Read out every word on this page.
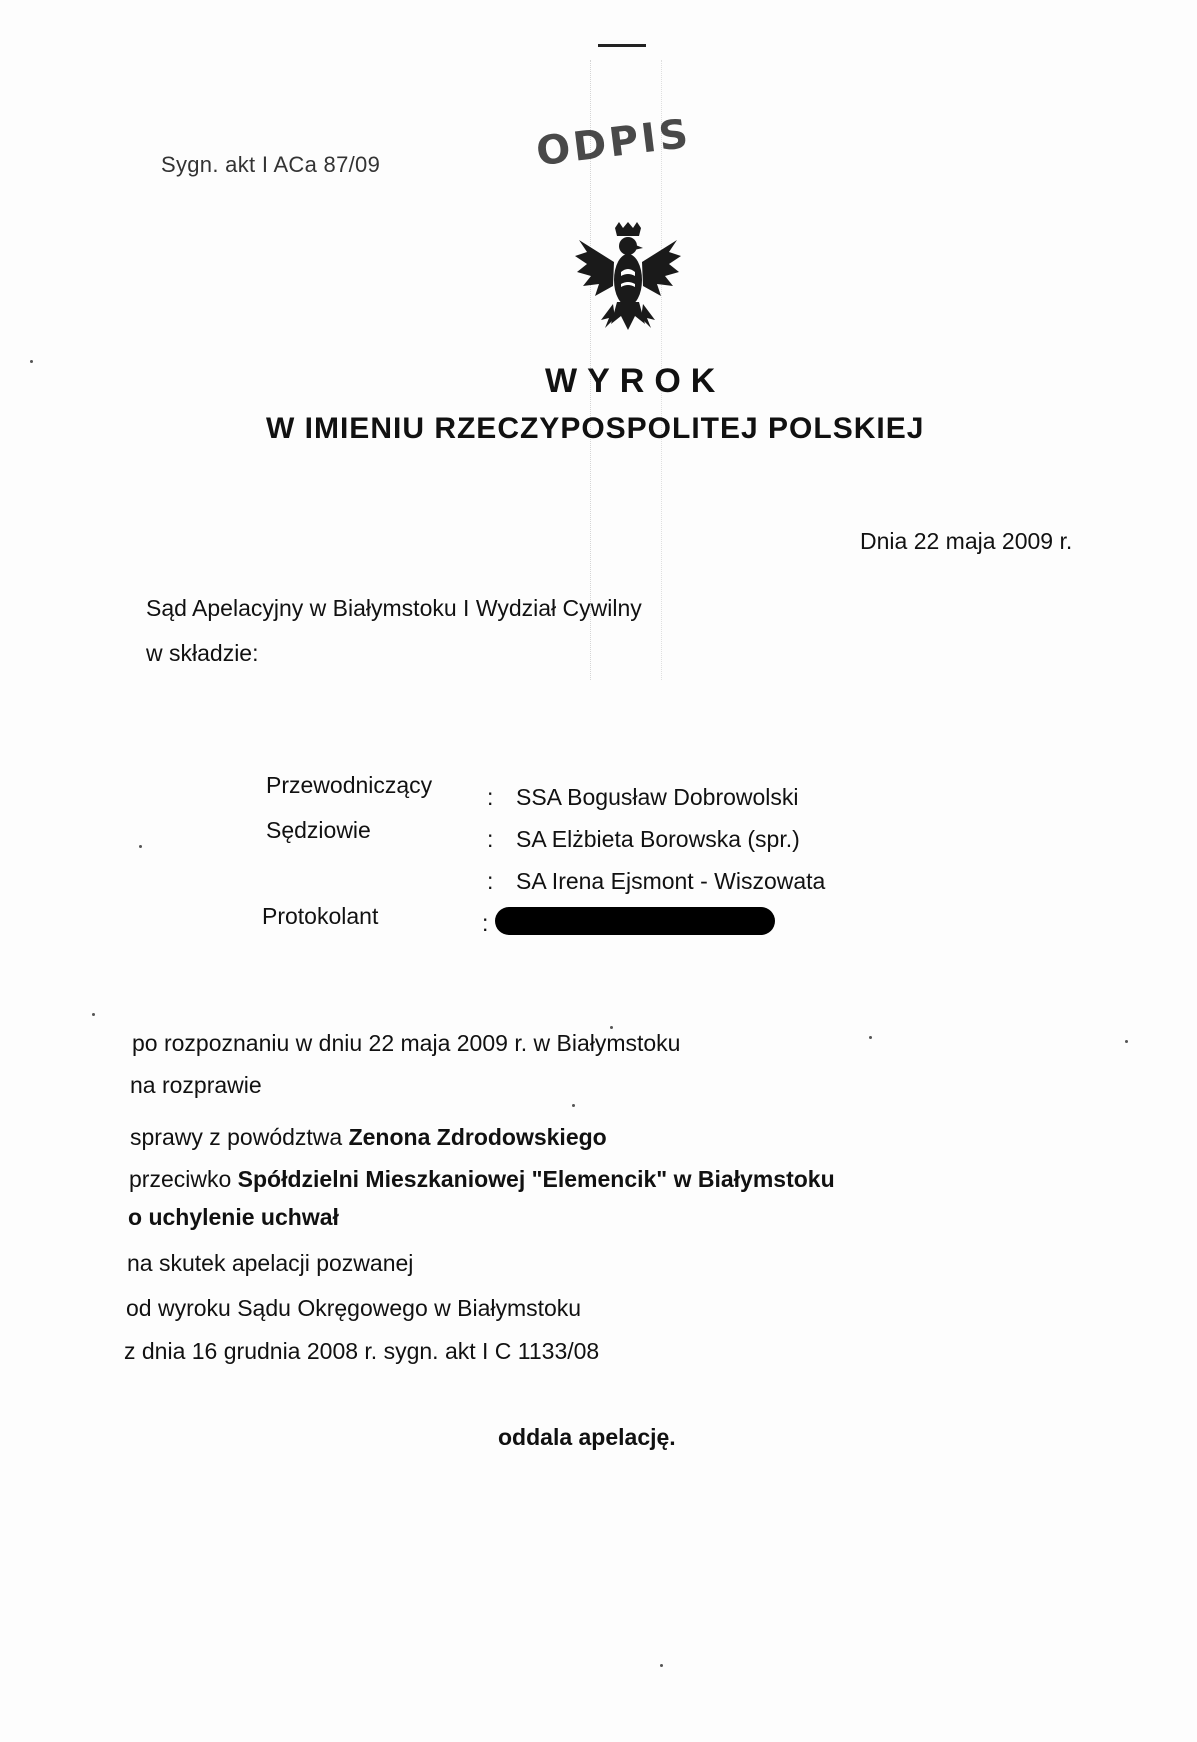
Sygn. akt I ACa 87/09	ODPIS
WYROK
W IMIENIU RZECZYPOSPOLITEJ POLSKIEJ
Dnia 22 maja 2009 r.
Sąd Apelacyjny w Białymstoku I Wydział Cywilny
w składzie:
Przewodniczący : SSA Bogusław Dobrowolski
Sędziowie	: SA Elżbieta Borowska (spr.)
: SA Irena Ejsmont - Wiszowata
Protokolant	:
po rozpoznaniu w dniu 22 maja 2009 r. w Białymstoku
na rozprawie
sprawy z powództwa Zenona Zdrodowskiego
przeciwko Spółdzielni Mieszkaniowej "Elemencik" w Białymstoku
o uchylenie uchwał
na skutek apelacji pozwanej
od wyroku Sądu Okręgowego w Białymstoku
z dnia 16 grudnia 2008 r. sygn. akt I C 1133/08
oddala apelację.
